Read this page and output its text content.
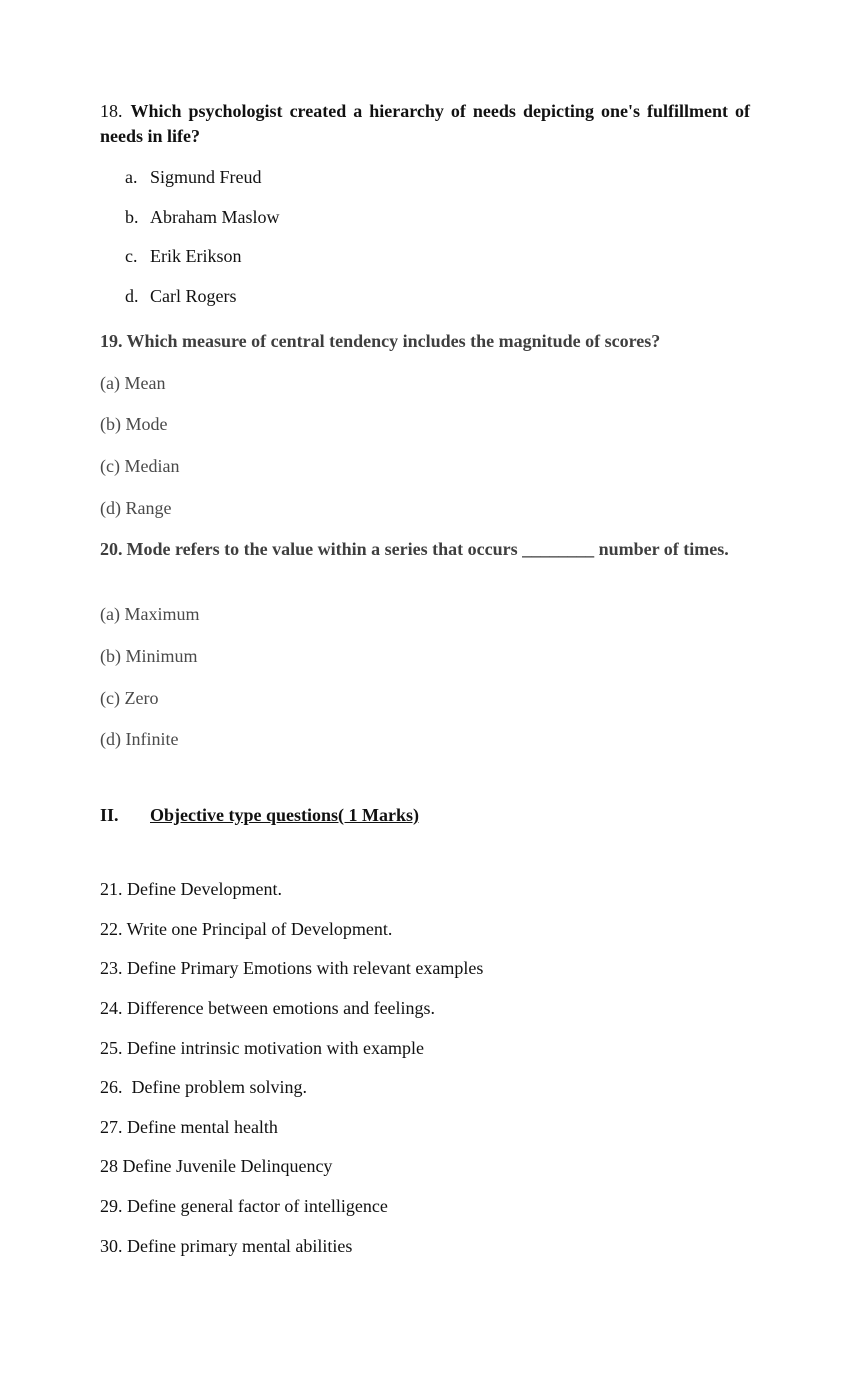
18. Which psychologist created a hierarchy of needs depicting one's fulfillment of needs in life?
a. Sigmund Freud
b. Abraham Maslow
c. Erik Erikson
d. Carl Rogers
19. Which measure of central tendency includes the magnitude of scores?
(a) Mean
(b) Mode
(c) Median
(d) Range
20. Mode refers to the value within a series that occurs ________ number of times.
(a) Maximum
(b) Minimum
(c) Zero
(d) Infinite
II. Objective type questions( 1 Marks)
21. Define Development.
22. Write one Principal of Development.
23. Define Primary Emotions with relevant examples
24. Difference between emotions and feelings.
25. Define intrinsic motivation with example
26.  Define problem solving.
27. Define mental health
28 Define Juvenile Delinquency
29. Define general factor of intelligence
30. Define primary mental abilities
